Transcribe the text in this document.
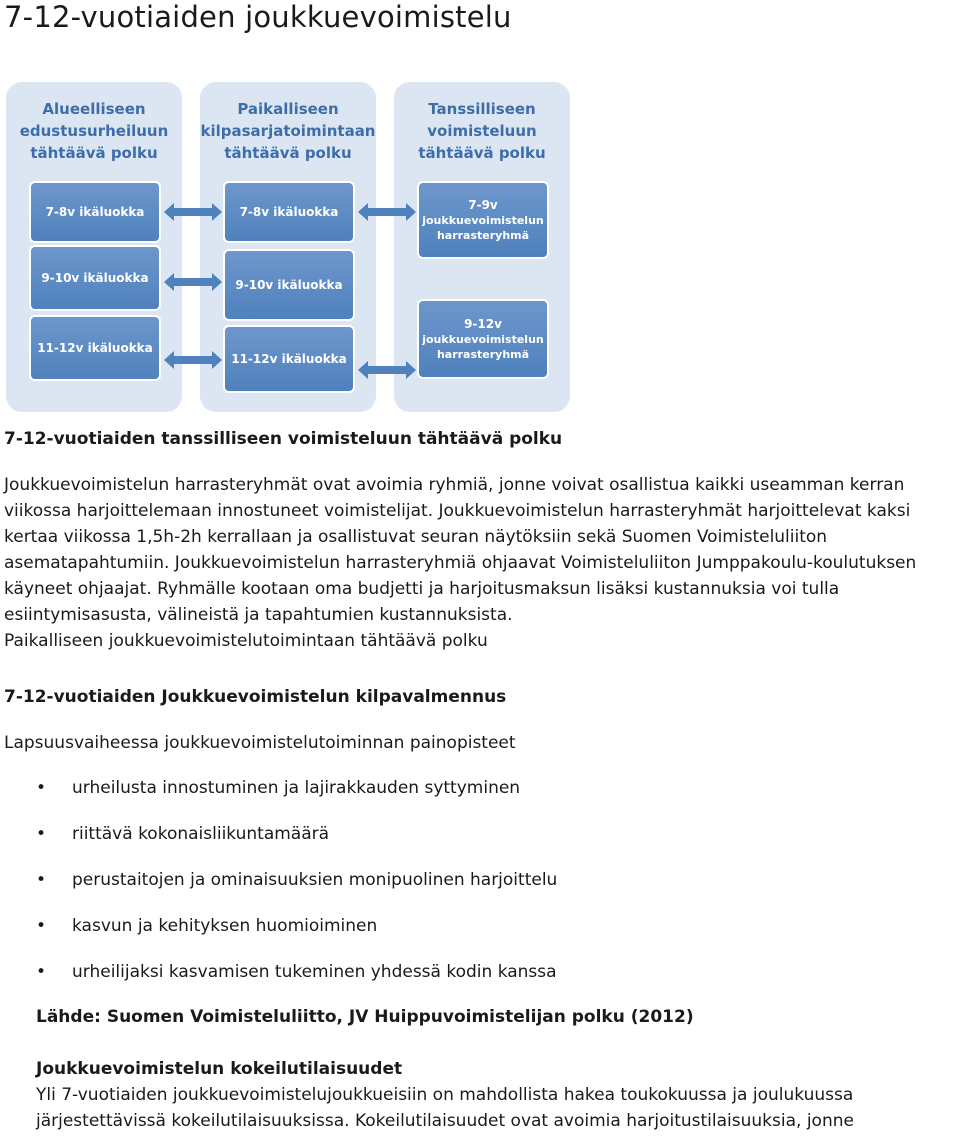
7-12-vuotiaiden joukkuevoimistelu
Alueelliseen
edustusurheiluun
tähtäävä polku
7-8v ikäluokka
9-10v ikäluokka
11-12v ikäluokka
Paikalliseen
kilpasarjatoimintaan
tähtäävä polku
7-8v ikäluokka
9-10v ikäluokka
11-12v ikäluokka
Tanssilliseen
voimisteluun
tähtäävä polku
7-9v
joukkuevoimistelun
harrasteryhmä
9-12v
joukkuevoimistelun
harrasteryhmä
7-12-vuotiaiden tanssilliseen voimisteluun tähtäävä polku

Joukkuevoimistelun harrasteryhmät ovat avoimia ryhmiä, jonne voivat osallistua kaikki useamman kerran viikossa harjoittelemaan innostuneet voimistelijat. Joukkuevoimistelun harrasteryhmät harjoittelevat kaksi kertaa viikossa 1,5h-2h kerrallaan ja osallistuvat seuran näytöksiin sekä Suomen Voimisteluliiton asematapahtumiin. Joukkuevoimistelun harrasteryhmiä ohjaavat Voimisteluliiton Jumppakoulu-koulutuksen käyneet ohjaajat. Ryhmälle kootaan oma budjetti ja harjoitusmaksun lisäksi kustannuksia voi tulla esiintymisasusta, välineistä ja tapahtumien kustannuksista.

Paikalliseen joukkuevoimistelutoimintaan tähtäävä polku

7-12-vuotiaiden Joukkuevoimistelun kilpavalmennus
Lapsuusvaiheessa joukkuevoimistelutoiminnan painopisteet
• urheilusta innostuminen ja lajirakkauden syttyminen
• riittävä kokonaisliikuntamäärä
• perustaitojen ja ominaisuuksien monipuolinen harjoittelu
• kasvun ja kehityksen huomioiminen
• urheilijaksi kasvamisen tukeminen yhdessä kodin kanssa
Lähde: Suomen Voimisteluliitto, JV Huippuvoimistelijan polku (2012)
Joukkuevoimistelun kokeilutilaisuudet
Yli 7-vuotiaiden joukkuevoimistelujoukkueisiin on mahdollista hakea toukokuussa ja joulukuussa järjestettävissä kokeilutilaisuuksissa. Kokeilutilaisuudet ovat avoimia harjoitustilaisuuksia, jonne
